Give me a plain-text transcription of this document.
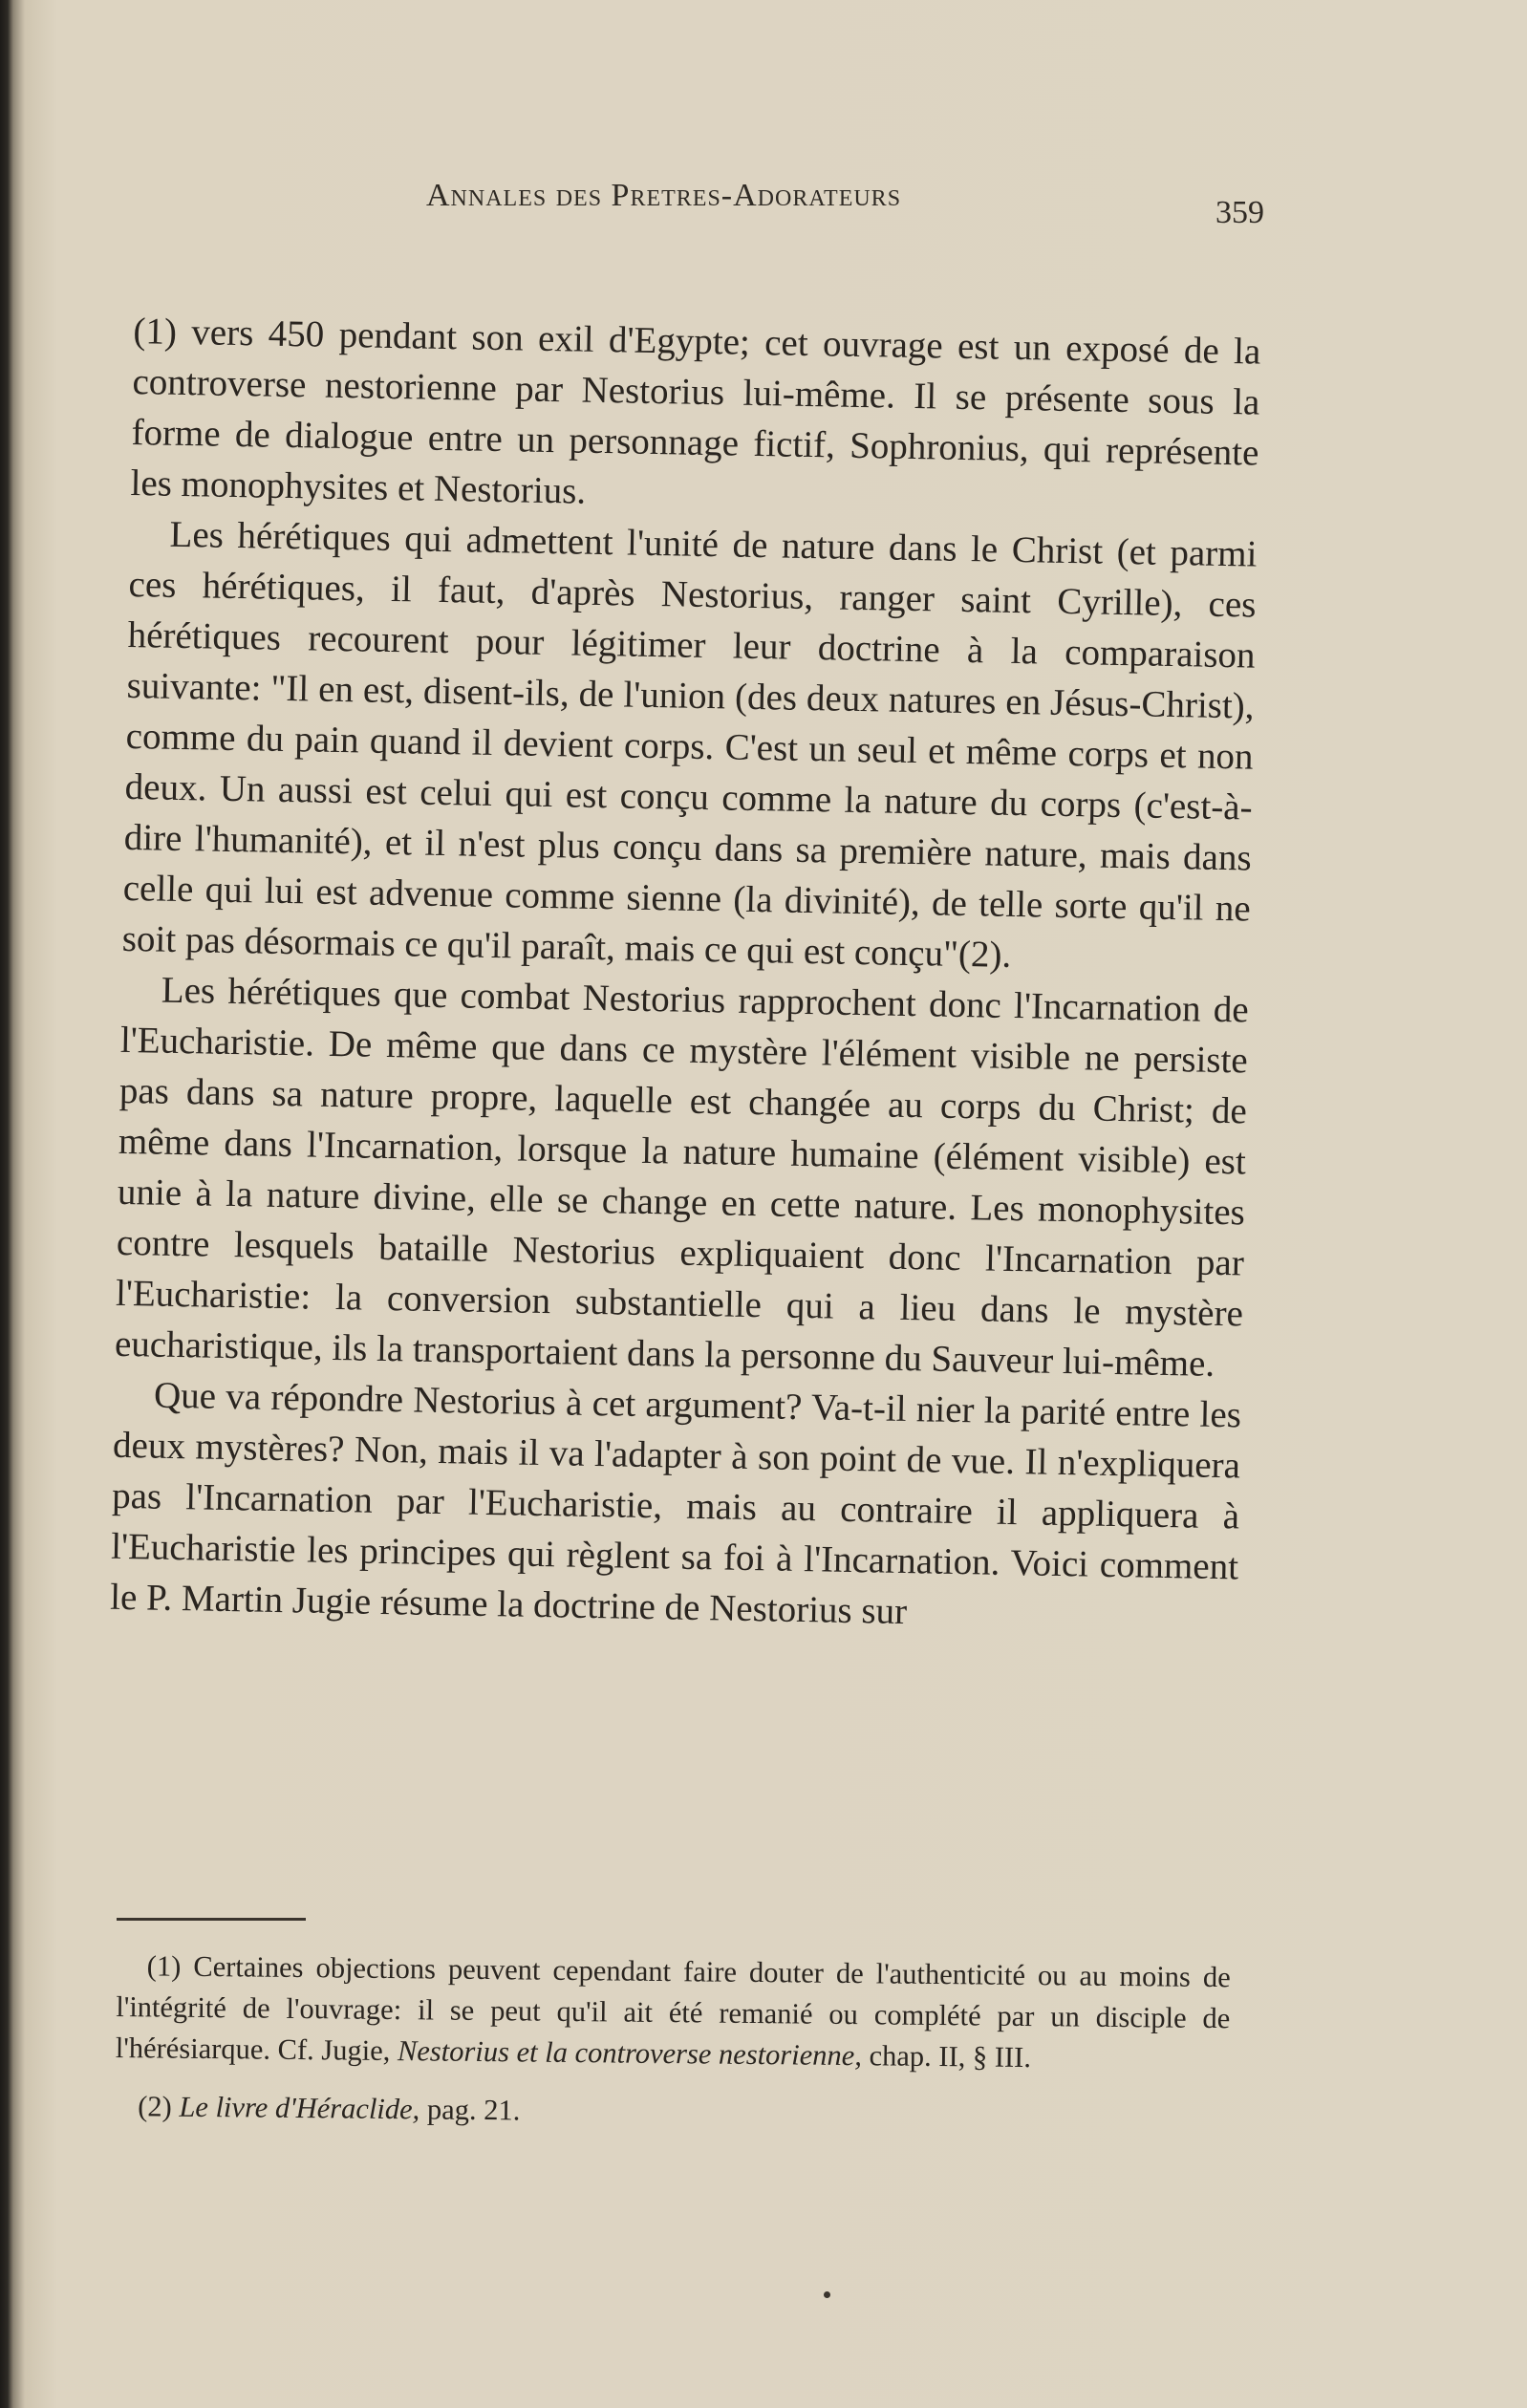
Annales des Pretres-Adorateurs	359

(1) vers 450 pendant son exil d'Egypte; cet ouvrage est un exposé de la controverse nestorienne par Nestorius lui-même. Il se présente sous la forme de dialogue entre un personnage fictif, Sophronius, qui représente les monophysites et Nestorius.

Les hérétiques qui admettent l'unité de nature dans le Christ (et parmi ces hérétiques, il faut, d'après Nestorius, ranger saint Cyrille), ces hérétiques recourent pour légitimer leur doctrine à la comparaison suivante: "Il en est, disent-ils, de l'union (des deux natures en Jésus-Christ), comme du pain quand il devient corps. C'est un seul et même corps et non deux. Un aussi est celui qui est conçu comme la nature du corps (c'est-à-dire l'humanité), et il n'est plus conçu dans sa première nature, mais dans celle qui lui est advenue comme sienne (la divinité), de telle sorte qu'il ne soit pas désormais ce qu'il paraît, mais ce qui est conçu"(2).

Les hérétiques que combat Nestorius rapprochent donc l'Incarnation de l'Eucharistie. De même que dans ce mystère l'élément visible ne persiste pas dans sa nature propre, laquelle est changée au corps du Christ; de même dans l'Incarnation, lorsque la nature humaine (élément visible) est unie à la nature divine, elle se change en cette nature. Les monophysites contre lesquels bataille Nestorius expliquaient donc l'Incarnation par l'Eucharistie: la conversion substantielle qui a lieu dans le mystère eucharistique, ils la transportaient dans la personne du Sauveur lui-même.

Que va répondre Nestorius à cet argument? Va-t-il nier la parité entre les deux mystères? Non, mais il va l'adapter à son point de vue. Il n'expliquera pas l'Incarnation par l'Eucharistie, mais au contraire il appliquera à l'Eucharistie les principes qui règlent sa foi à l'Incarnation. Voici comment le P. Martin Jugie résume la doctrine de Nestorius sur

(1) Certaines objections peuvent cependant faire douter de l'authenticité ou au moins de l'intégrité de l'ouvrage: il se peut qu'il ait été remanié ou complété par un disciple de l'hérésiarque. Cf. Jugie, Nestorius et la controverse nestorienne, chap. II, § III.

(2) Le livre d'Héraclide, pag. 21.
